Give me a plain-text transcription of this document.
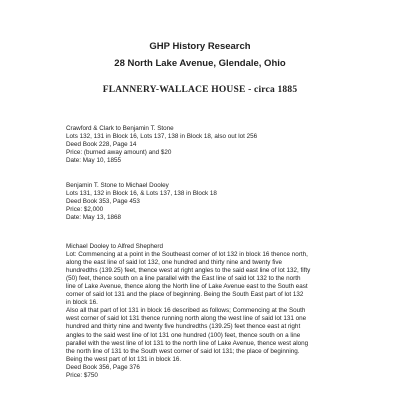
GHP History Research
28 North Lake Avenue, Glendale, Ohio
FLANNERY-WALLACE HOUSE - circa 1885
Crawford & Clark to Benjamin T. Stone
Lots 132, 131 in Block 16, Lots 137, 138 in Block 18, also out lot 256
Deed Book 228, Page 14
Price: (burned away amount) and $20
Date: May 10, 1855
Benjamin T. Stone to Michael Dooley
Lots 131, 132 in Block 16, & Lots 137, 138 in Block 18
Deed Book 353, Page 453
Price: $2,000
Date: May 13, 1868
Michael Dooley to Alfred Shepherd
Lot: Commencing at a point in the Southeast corner of lot 132 in block 16 thence north,
along the east line of said lot 132, one hundred and thirty nine and twenty five
hundredths (139.25) feet, thence west at right angles to the said east line of lot 132, fifty
(50) feet, thence south on a line parallel with the East line of said lot 132 to the north
line of Lake Avenue, thence along the North line of Lake Avenue east to the South east
corner of said lot 131 and the place of beginning. Being the South East part of lot 132
in block 16.
Also all that part of lot 131 in block 16 described as follows; Commencing at the South
west corner of said lot 131 thence running north along the west line of said lot 131 one
hundred and thirty nine and twenty five hundredths (139.25) feet thence east at right
angles to the said west line of lot 131 one hundred (100) feet, thence south on a line
parallel with the west line of lot 131 to the north line of Lake Avenue, thence west along
the north line of 131 to the South west corner of said lot 131; the place of beginning.
Being the west part of lot 131 in block 16.
Deed Book 356, Page 376
Price: $750
